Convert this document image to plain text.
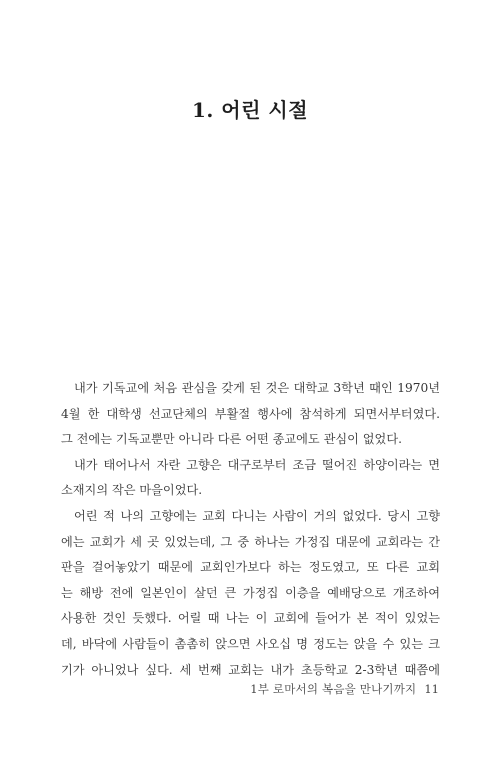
1. 어린 시절
내가 기독교에 처음 관심을 갖게 된 것은 대학교 3학년 때인 1970년
4월 한 대학생 선교단체의 부활절 행사에 참석하게 되면서부터였다.
그 전에는 기독교뿐만 아니라 다른 어떤 종교에도 관심이 없었다.
내가 태어나서 자란 고향은 대구로부터 조금 떨어진 하양이라는 면
소재지의 작은 마을이었다.
어린 적 나의 고향에는 교회 다니는 사람이 거의 없었다. 당시 고향
에는 교회가 세 곳 있었는데, 그 중 하나는 가정집 대문에 교회라는 간
판을 걸어놓았기 때문에 교회인가보다 하는 정도였고, 또 다른 교회
는 해방 전에 일본인이 살던 큰 가정집 이층을 예배당으로 개조하여
사용한 것인 듯했다. 어릴 때 나는 이 교회에 들어가 본 적이 있었는
데, 바닥에 사람들이 촘촘히 앉으면 사오십 명 정도는 앉을 수 있는 크
기가 아니었나 싶다. 세 번째 교회는 내가 초등학교 2-3학년 때쯤에
1부 로마서의 복음을 만나기까지 11
